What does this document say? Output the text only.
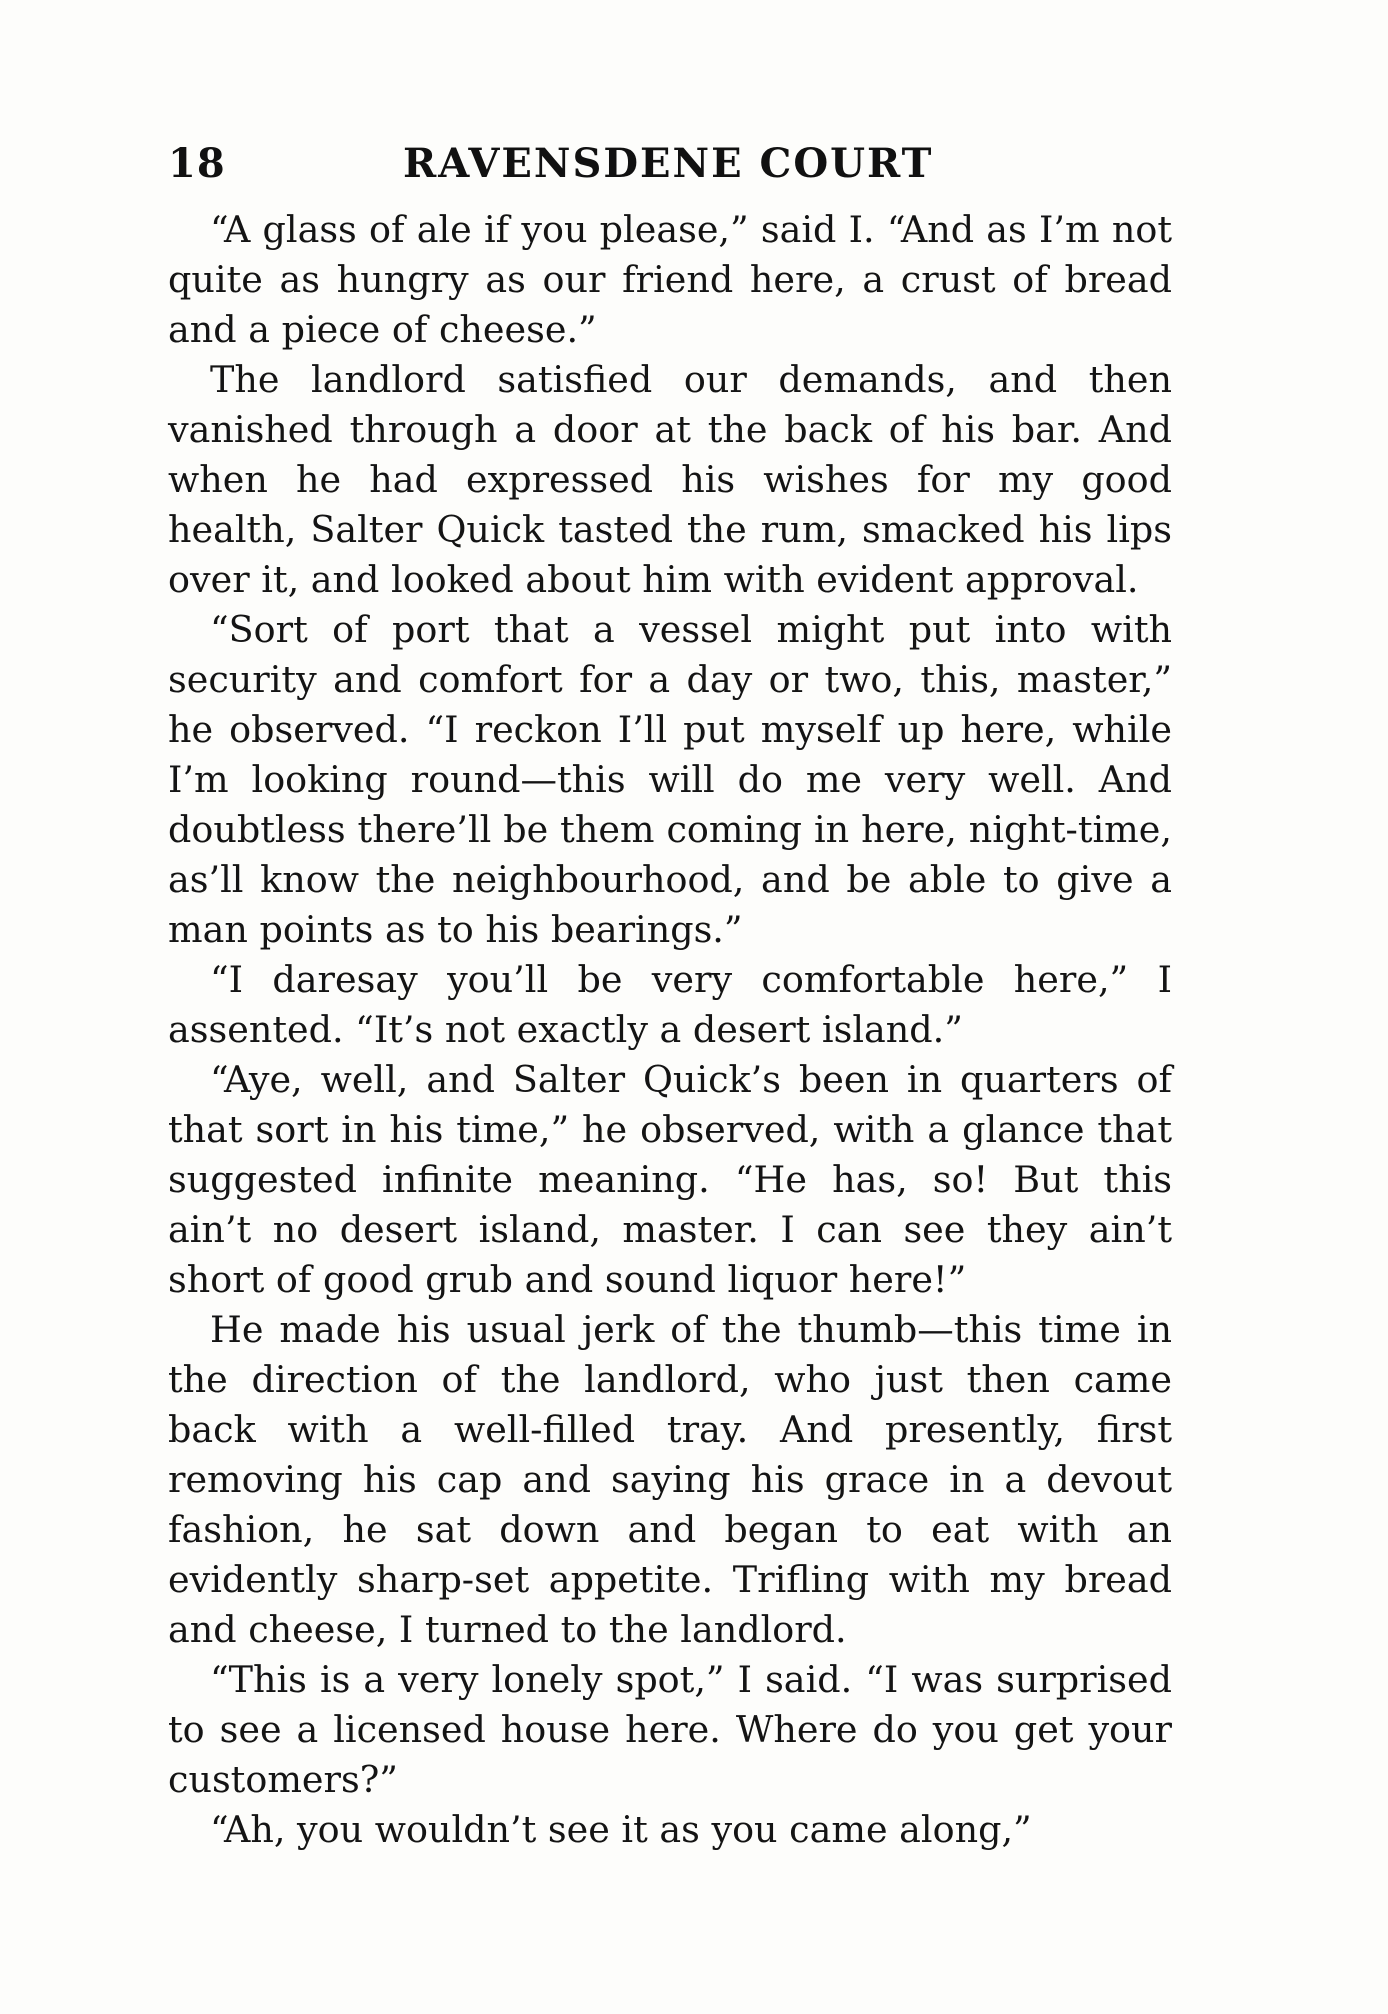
18	RAVENSDENE COURT

“A glass of ale if you please,” said I. “And as I’m not quite as hungry as our friend here, a crust of bread and a piece of cheese.”

The landlord satisfied our demands, and then vanished through a door at the back of his bar. And when he had expressed his wishes for my good health, Salter Quick tasted the rum, smacked his lips over it, and looked about him with evident approval.

“Sort of port that a vessel might put into with security and comfort for a day or two, this, master,” he observed. “I reckon I’ll put myself up here, while I’m looking round—this will do me very well. And doubtless there’ll be them coming in here, night-time, as’ll know the neighbourhood, and be able to give a man points as to his bearings.”

“I daresay you’ll be very comfortable here,” I assented. “It’s not exactly a desert island.”

“Aye, well, and Salter Quick’s been in quarters of that sort in his time,” he observed, with a glance that suggested infinite meaning. “He has, so! But this ain’t no desert island, master. I can see they ain’t short of good grub and sound liquor here!”

He made his usual jerk of the thumb—this time in the direction of the landlord, who just then came back with a well-filled tray. And presently, first removing his cap and saying his grace in a devout fashion, he sat down and began to eat with an evidently sharp-set appetite. Trifling with my bread and cheese, I turned to the landlord.

“This is a very lonely spot,” I said. “I was surprised to see a licensed house here. Where do you get your customers?”

“Ah, you wouldn’t see it as you came along,”
